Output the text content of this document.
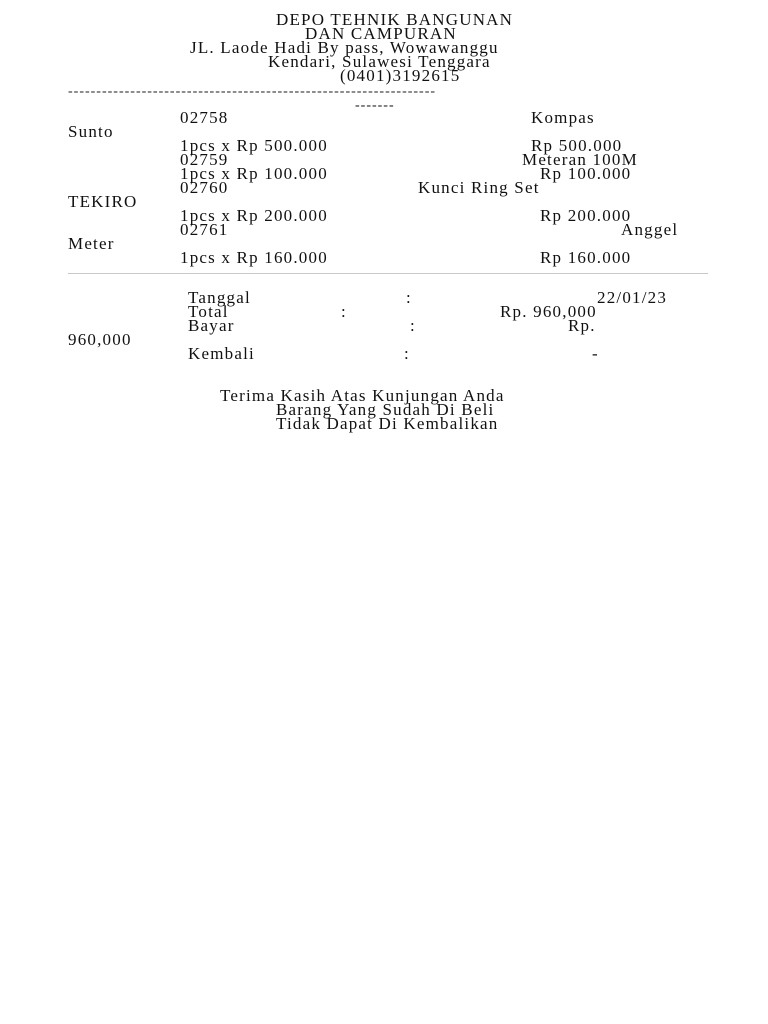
DEPO TEHNIK BANGUNAN
DAN CAMPURAN
JL. Laode Hadi By pass, Wowawanggu
Kendari, Sulawesi Tenggara
(0401)3192615
-----------------------------------------------------------------
-------
02758	Kompas
Sunto
1pcs x Rp 500.000	Rp 500.000
02759	Meteran 100M
1pcs x Rp 100.000	Rp 100.000
02760	Kunci Ring Set
TEKIRO
1pcs x Rp 200.000	Rp 200.000
02761	Anggel
Meter
1pcs x Rp 160.000	Rp 160.000
Tanggal	:	22/01/23
Total	:	Rp. 960,000
Bayar	:	Rp.
960,000
Kembali	:	-
Terima Kasih Atas Kunjungan Anda
Barang Yang Sudah Di Beli
Tidak Dapat Di Kembalikan
